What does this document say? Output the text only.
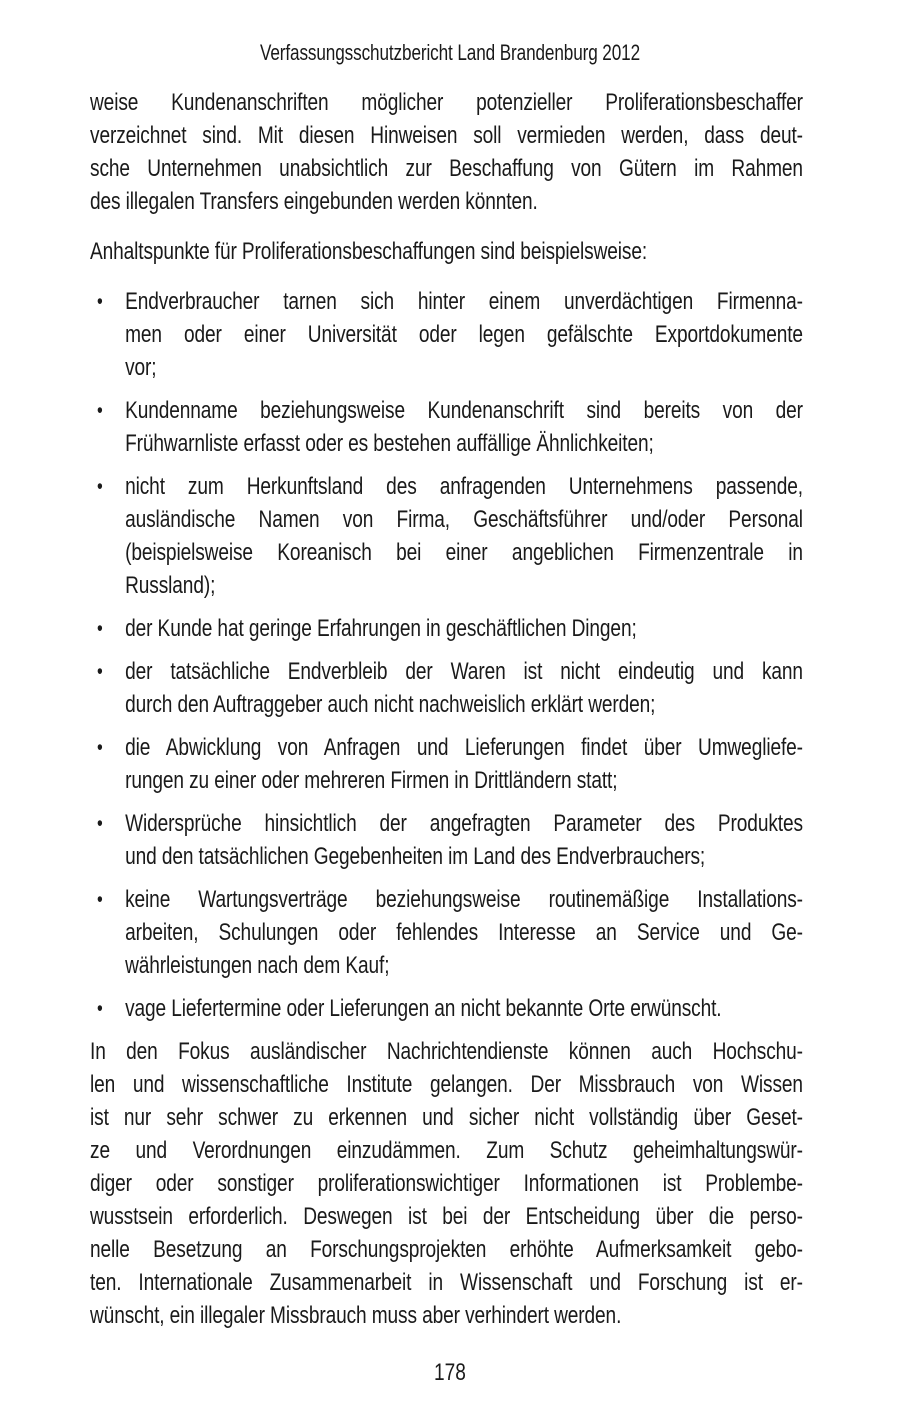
Verfassungsschutzbericht Land Brandenburg 2012
weise Kundenanschriften möglicher potenzieller Proliferationsbeschaffer
verzeichnet sind. Mit diesen Hinweisen soll vermieden werden, dass deut-
sche Unternehmen unabsichtlich zur Beschaffung von Gütern im Rahmen
des illegalen Transfers eingebunden werden könnten.
Anhaltspunkte für Proliferationsbeschaffungen sind beispielsweise:
• Endverbraucher tarnen sich hinter einem unverdächtigen Firmenna-
men oder einer Universität oder legen gefälschte Exportdokumente
vor;
• Kundenname beziehungsweise Kundenanschrift sind bereits von der
Frühwarnliste erfasst oder es bestehen auffällige Ähnlichkeiten;
• nicht zum Herkunftsland des anfragenden Unternehmens passende,
ausländische Namen von Firma, Geschäftsführer und/oder Personal
(beispielsweise Koreanisch bei einer angeblichen Firmenzentrale in
Russland);
• der Kunde hat geringe Erfahrungen in geschäftlichen Dingen;
• der tatsächliche Endverbleib der Waren ist nicht eindeutig und kann
durch den Auftraggeber auch nicht nachweislich erklärt werden;
• die Abwicklung von Anfragen und Lieferungen findet über Umwegliefe-
rungen zu einer oder mehreren Firmen in Drittländern statt;
• Widersprüche hinsichtlich der angefragten Parameter des Produktes
und den tatsächlichen Gegebenheiten im Land des Endverbrauchers;
• keine Wartungsverträge beziehungsweise routinemäßige Installations-
arbeiten, Schulungen oder fehlendes Interesse an Service und Ge-
währleistungen nach dem Kauf;
• vage Liefertermine oder Lieferungen an nicht bekannte Orte erwünscht.
In den Fokus ausländischer Nachrichtendienste können auch Hochschu-
len und wissenschaftliche Institute gelangen. Der Missbrauch von Wissen
ist nur sehr schwer zu erkennen und sicher nicht vollständig über Geset-
ze und Verordnungen einzudämmen. Zum Schutz geheimhaltungswür-
diger oder sonstiger proliferationswichtiger Informationen ist Problembe-
wusstsein erforderlich. Deswegen ist bei der Entscheidung über die perso-
nelle Besetzung an Forschungsprojekten erhöhte Aufmerksamkeit gebo-
ten. Internationale Zusammenarbeit in Wissenschaft und Forschung ist er-
wünscht, ein illegaler Missbrauch muss aber verhindert werden.
178
